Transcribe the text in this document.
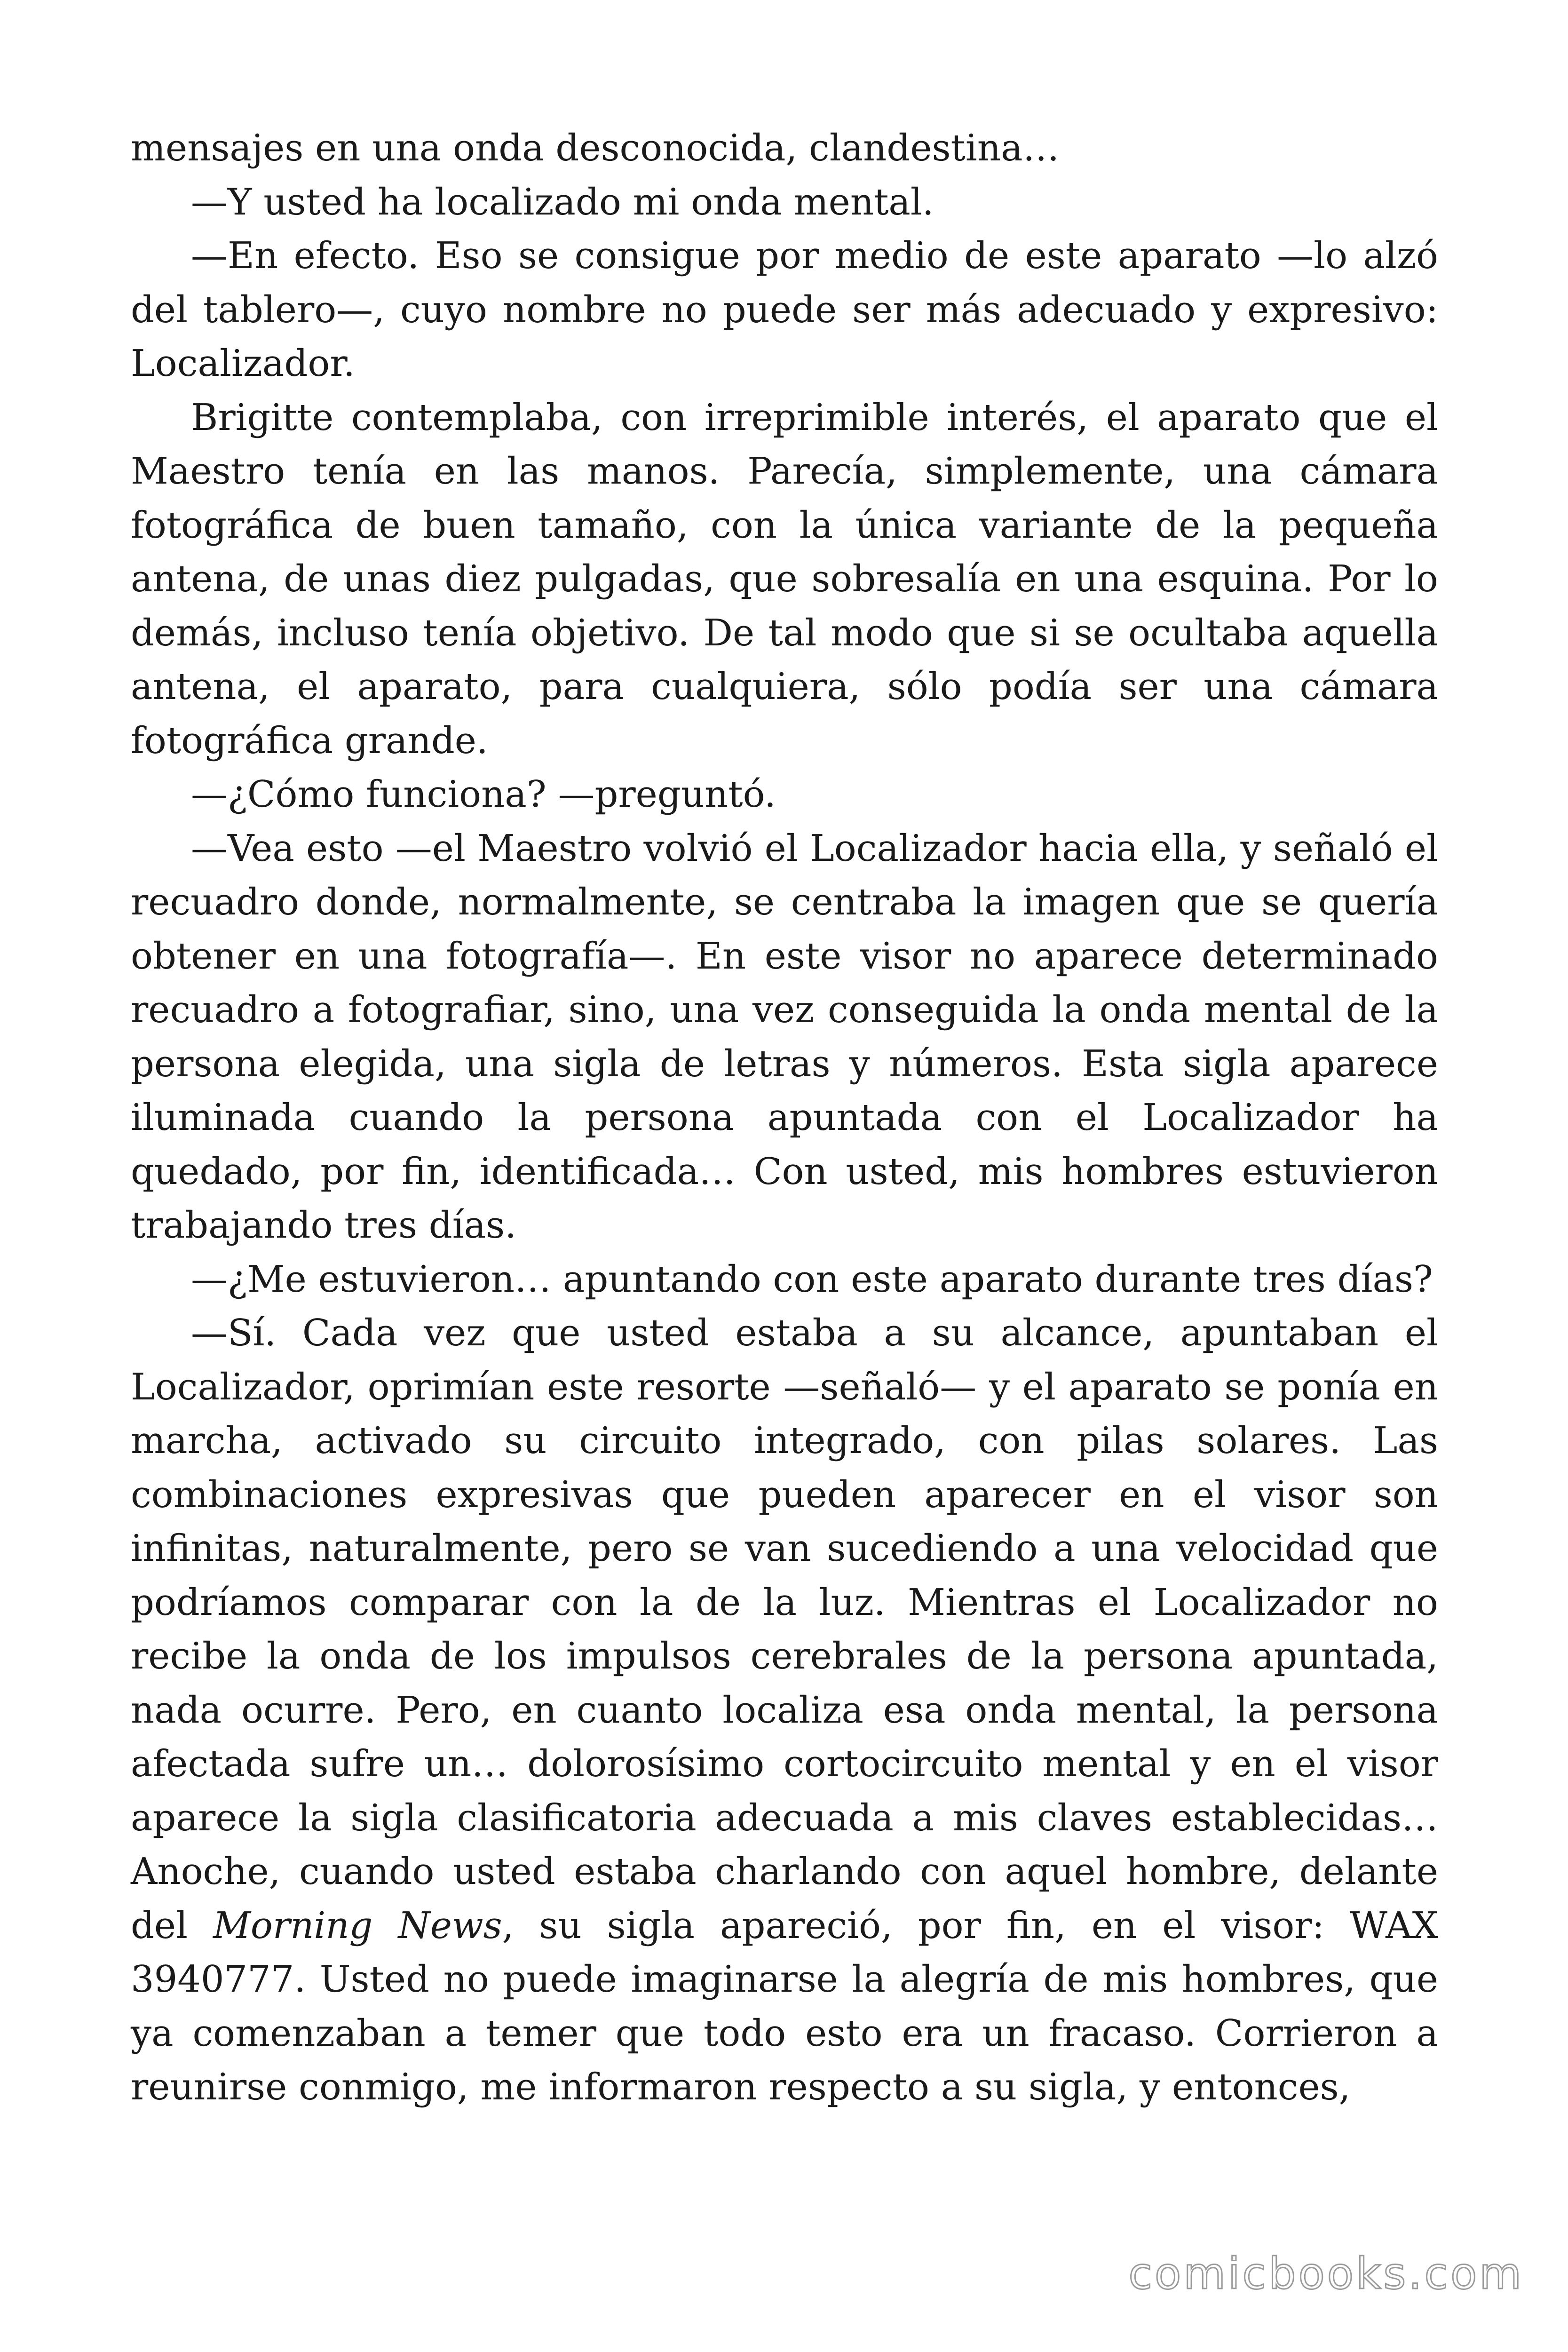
mensajes en una onda desconocida, clandestina…

—Y usted ha localizado mi onda mental.

—En efecto. Eso se consigue por medio de este aparato —lo alzó del tablero—, cuyo nombre no puede ser más adecuado y expresivo: Localizador.

Brigitte contemplaba, con irreprimible interés, el aparato que el Maestro tenía en las manos. Parecía, simplemente, una cámara fotográfica de buen tamaño, con la única variante de la pequeña antena, de unas diez pulgadas, que sobresalía en una esquina. Por lo demás, incluso tenía objetivo. De tal modo que si se ocultaba aquella antena, el aparato, para cualquiera, sólo podía ser una cámara fotográfica grande.

—¿Cómo funciona? —preguntó.

—Vea esto —el Maestro volvió el Localizador hacia ella, y señaló el recuadro donde, normalmente, se centraba la imagen que se quería obtener en una fotografía—. En este visor no aparece determinado recuadro a fotografiar, sino, una vez conseguida la onda mental de la persona elegida, una sigla de letras y números. Esta sigla aparece iluminada cuando la persona apuntada con el Localizador ha quedado, por fin, identificada… Con usted, mis hombres estuvieron trabajando tres días.

—¿Me estuvieron… apuntando con este aparato durante tres días?

—Sí. Cada vez que usted estaba a su alcance, apuntaban el Localizador, oprimían este resorte —señaló— y el aparato se ponía en marcha, activado su circuito integrado, con pilas solares. Las combinaciones expresivas que pueden aparecer en el visor son infinitas, naturalmente, pero se van sucediendo a una velocidad que podríamos comparar con la de la luz. Mientras el Localizador no recibe la onda de los impulsos cerebrales de la persona apuntada, nada ocurre. Pero, en cuanto localiza esa onda mental, la persona afectada sufre un… dolorosísimo cortocircuito mental y en el visor aparece la sigla clasificatoria adecuada a mis claves establecidas… Anoche, cuando usted estaba charlando con aquel hombre, delante del Morning News, su sigla apareció, por fin, en el visor: WAX 3940777. Usted no puede imaginarse la alegría de mis hombres, que ya comenzaban a temer que todo esto era un fracaso. Corrieron a reunirse conmigo, me informaron respecto a su sigla, y entonces,

comicbooks.com
